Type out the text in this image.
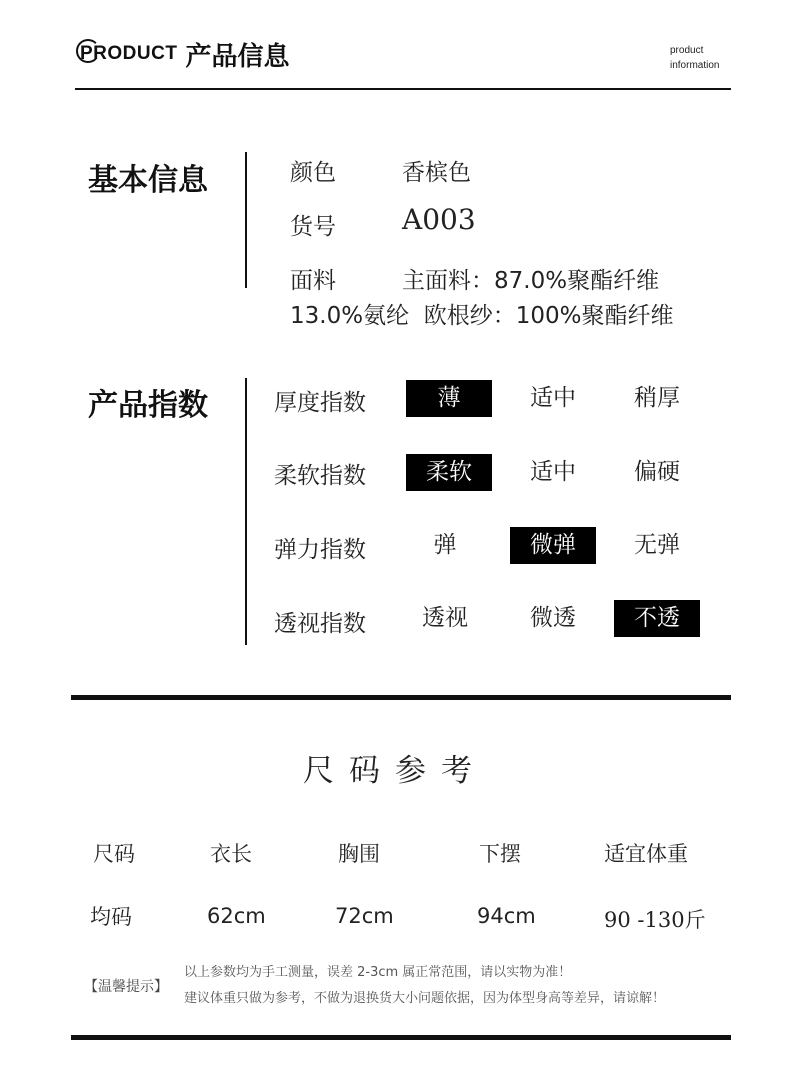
PRODUCT 产品信息	product
information
基本信息	颜色	香槟色
货号 A003
面料	主面料：87.0%聚酯纤维
13.0%氨纶  欧根纱：100%聚酯纤维
产品指数	厚度指数	薄	适中	稍厚
柔软指数	柔软	适中	偏硬
弹力指数	弹	微弹	无弹
透视指数	透视	微透	不透
尺码参考
尺码	衣长	胸围	下摆	适宜体重
均码	62cm	72cm	94cm	90 -130斤
【温馨提示】
以上参数均为手工测量，误差 2-3cm 属正常范围，请以实物为准！
建议体重只做为参考，不做为退换货大小问题依据，因为体型身高等差异，请谅解！
